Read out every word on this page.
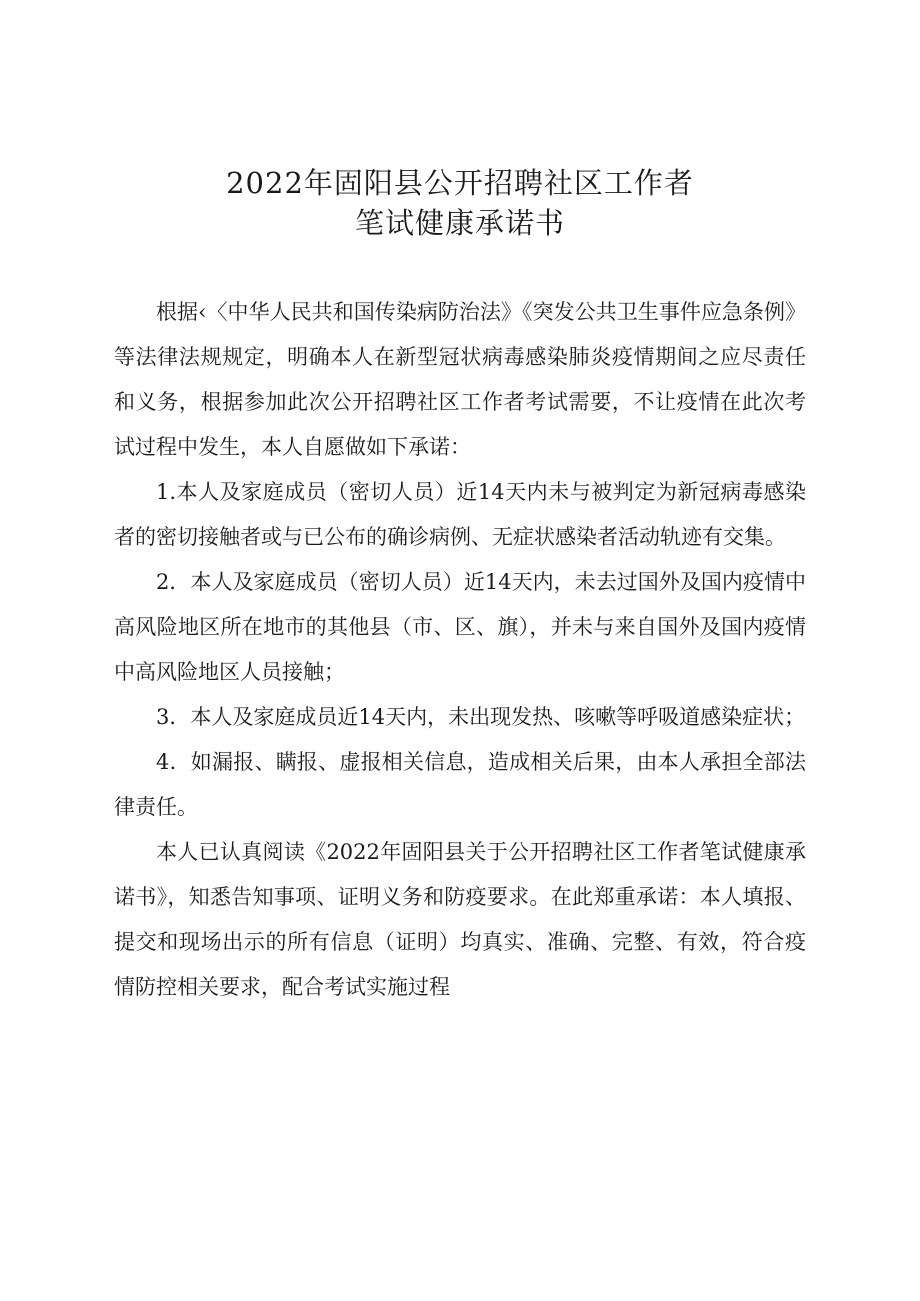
2022年固阳县公开招聘社区工作者
笔试健康承诺书

根据‹〈中华人民共和国传染病防治法》《突发公共卫生事件应急条例》等法律法规规定，明确本人在新型冠状病毒感染肺炎疫情期间之应尽责任和义务，根据参加此次公开招聘社区工作者考试需要，不让疫情在此次考试过程中发生，本人自愿做如下承诺：

1.本人及家庭成员（密切人员）近14天内未与被判定为新冠病毒感染者的密切接触者或与已公布的确诊病例、无症状感染者活动轨迹有交集。

2．本人及家庭成员（密切人员）近14天内，未去过国外及国内疫情中高风险地区所在地市的其他县（市、区、旗），并未与来自国外及国内疫情中高风险地区人员接触；

3．本人及家庭成员近14天内，未出现发热、咳嗽等呼吸道感染症状；

4．如漏报、瞒报、虚报相关信息，造成相关后果，由本人承担全部法律责任。

本人已认真阅读《2022年固阳县关于公开招聘社区工作者笔试健康承诺书》，知悉告知事项、证明义务和防疫要求。在此郑重承诺：本人填报、提交和现场出示的所有信息（证明）均真实、准确、完整、有效，符合疫情防控相关要求，配合考试实施过程
